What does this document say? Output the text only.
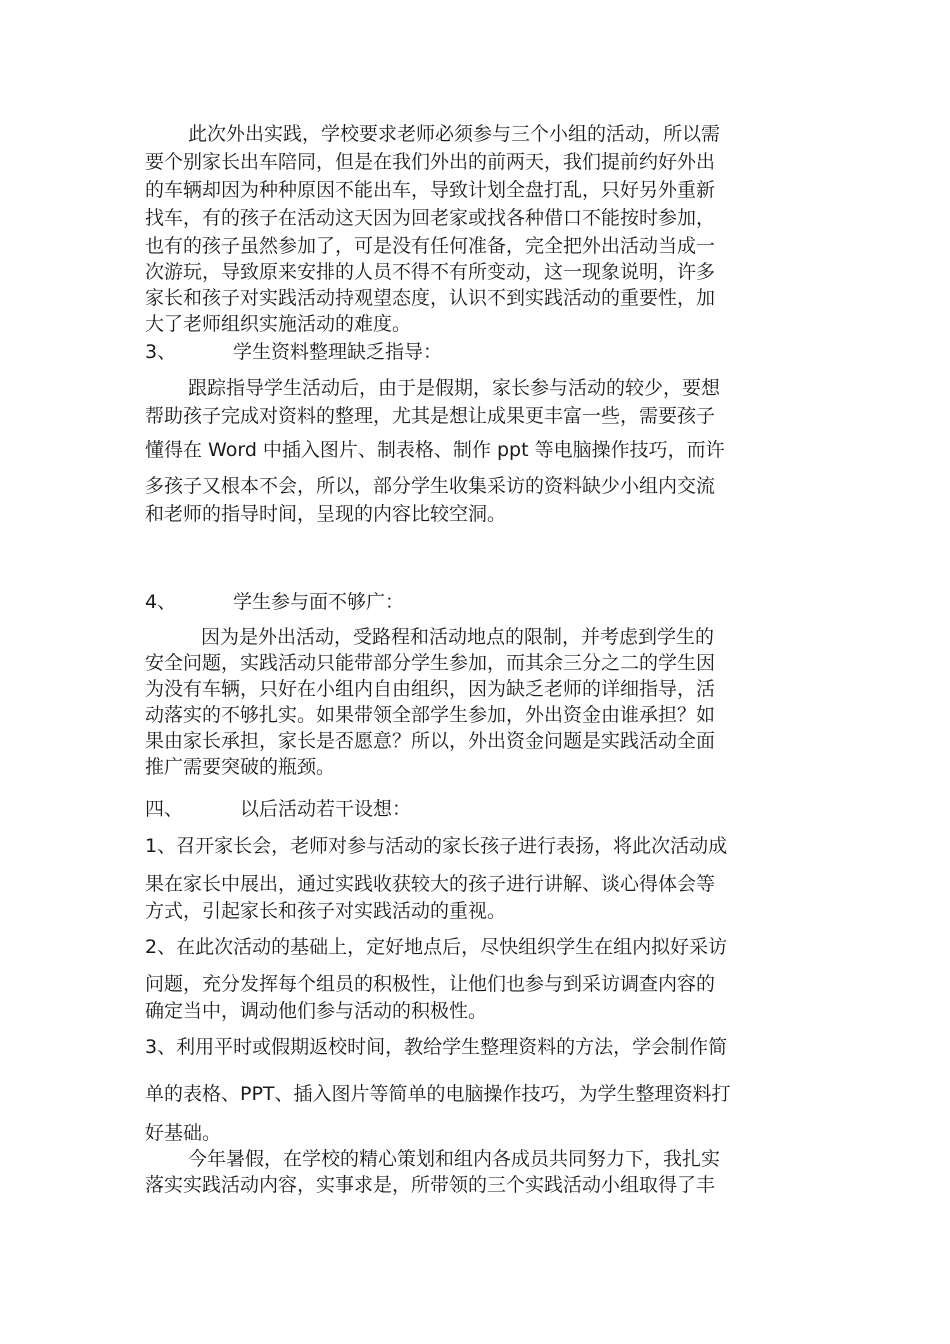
此次外出实践，学校要求老师必须参与三个小组的活动，所以需
要个别家长出车陪同，但是在我们外出的前两天，我们提前约好外出
的车辆却因为种种原因不能出车，导致计划全盘打乱，只好另外重新
找车，有的孩子在活动这天因为回老家或找各种借口不能按时参加，
也有的孩子虽然参加了，可是没有任何准备，完全把外出活动当成一
次游玩，导致原来安排的人员不得不有所变动，这一现象说明，许多
家长和孩子对实践活动持观望态度，认识不到实践活动的重要性，加
大了老师组织实施活动的难度。
3、	学生资料整理缺乏指导：
跟踪指导学生活动后，由于是假期，家长参与活动的较少，要想
帮助孩子完成对资料的整理，尤其是想让成果更丰富一些，需要孩子
懂得在 Word 中插入图片、制表格、制作 ppt 等电脑操作技巧，而许
多孩子又根本不会，所以，部分学生收集采访的资料缺少小组内交流
和老师的指导时间，呈现的内容比较空洞。
4、	学生参与面不够广：
因为是外出活动，受路程和活动地点的限制，并考虑到学生的
安全问题，实践活动只能带部分学生参加，而其余三分之二的学生因
为没有车辆，只好在小组内自由组织，因为缺乏老师的详细指导，活
动落实的不够扎实。如果带领全部学生参加，外出资金由谁承担？如
果由家长承担，家长是否愿意？所以，外出资金问题是实践活动全面
推广需要突破的瓶颈。
四、	以后活动若干设想：
1、召开家长会，老师对参与活动的家长孩子进行表扬，将此次活动成
果在家长中展出，通过实践收获较大的孩子进行讲解、谈心得体会等
方式，引起家长和孩子对实践活动的重视。
2、在此次活动的基础上，定好地点后，尽快组织学生在组内拟好采访
问题，充分发挥每个组员的积极性，让他们也参与到采访调查内容的
确定当中，调动他们参与活动的积极性。
3、利用平时或假期返校时间，教给学生整理资料的方法，学会制作简
单的表格、PPT、插入图片等简单的电脑操作技巧，为学生整理资料打
好基础。
今年暑假，在学校的精心策划和组内各成员共同努力下，我扎实
落实实践活动内容，实事求是，所带领的三个实践活动小组取得了丰
